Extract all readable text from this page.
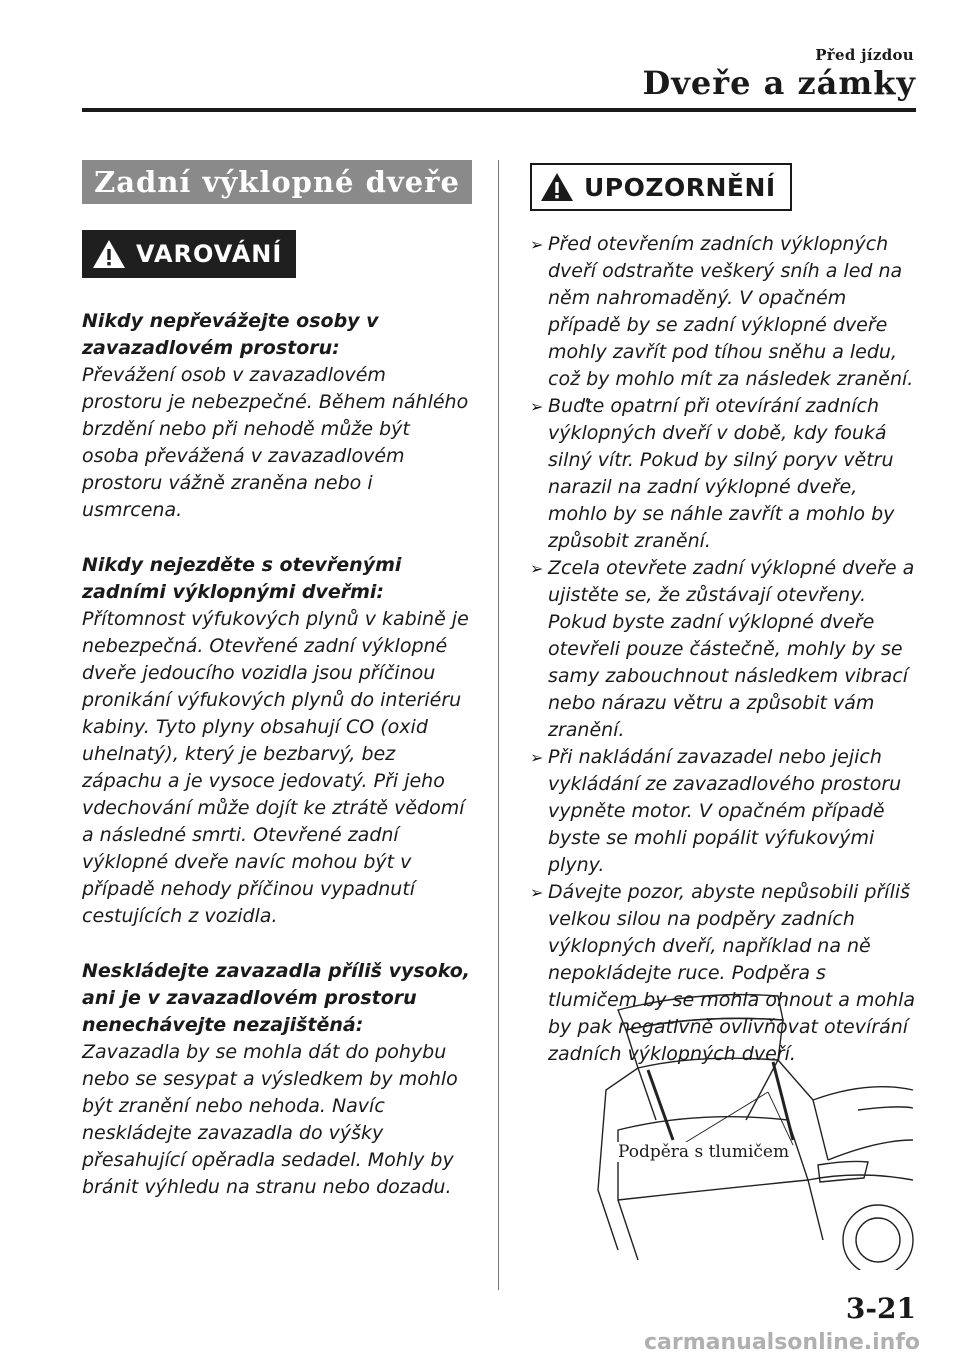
Před jízdou
Dveře a zámky
Zadní výklopné dveře
VAROVÁNÍ
Nikdy nepřevážejte osoby v zavazadlovém prostoru:
Převážení osob v zavazadlovém prostoru je nebezpečné. Během náhlého brzdění nebo při nehodě může být osoba převážená v zavazadlovém prostoru vážně zraněna nebo i usmrcena.
Nikdy nejezděte s otevřenými zadními výklopnými dveřmi:
Přítomnost výfukových plynů v kabině je nebezpečná. Otevřené zadní výklopné dveře jedoucího vozidla jsou příčinou pronikání výfukových plynů do interiéru kabiny. Tyto plyny obsahují CO (oxid uhelnatý), který je bezbarvý, bez zápachu a je vysoce jedovatý. Při jeho vdechování může dojít ke ztrátě vědomí a následné smrti. Otevřené zadní výklopné dveře navíc mohou být v případě nehody příčinou vypadnutí cestujících z vozidla.
Neskládejte zavazadla příliš vysoko, ani je v zavazadlovém prostoru nenechávejte nezajištěná:
Zavazadla by se mohla dát do pohybu nebo se sesypat a výsledkem by mohlo být zranění nebo nehoda. Navíc neskládejte zavazadla do výšky přesahující opěradla sedadel. Mohly by bránit výhledu na stranu nebo dozadu.
UPOZORNĚNÍ
➢ Před otevřením zadních výklopných dveří odstraňte veškerý sníh a led na něm nahromaděný. V opačném případě by se zadní výklopné dveře mohly zavřít pod tíhou sněhu a ledu, což by mohlo mít za následek zranění.
➢ Buďte opatrní při otevírání zadních výklopných dveří v době, kdy fouká silný vítr. Pokud by silný poryv větru narazil na zadní výklopné dveře, mohlo by se náhle zavřít a mohlo by způsobit zranění.
➢ Zcela otevřete zadní výklopné dveře a ujistěte se, že zůstávají otevřeny. Pokud byste zadní výklopné dveře otevřeli pouze částečně, mohly by se samy zabouchnout následkem vibrací nebo nárazu větru a způsobit vám zranění.
➢ Při nakládání zavazadel nebo jejich vykládání ze zavazadlového prostoru vypněte motor. V opačném případě byste se mohli popálit výfukovými plyny.
➢ Dávejte pozor, abyste nepůsobili příliš velkou silou na podpěry zadních výklopných dveří, například na ně nepokládejte ruce. Podpěra s tlumičem by se mohla ohnout a mohla by pak negativně ovlivňovat otevírání zadních výklopných dveří.
Podpěra s tlumičem
3-21
carmanualsonline.info
